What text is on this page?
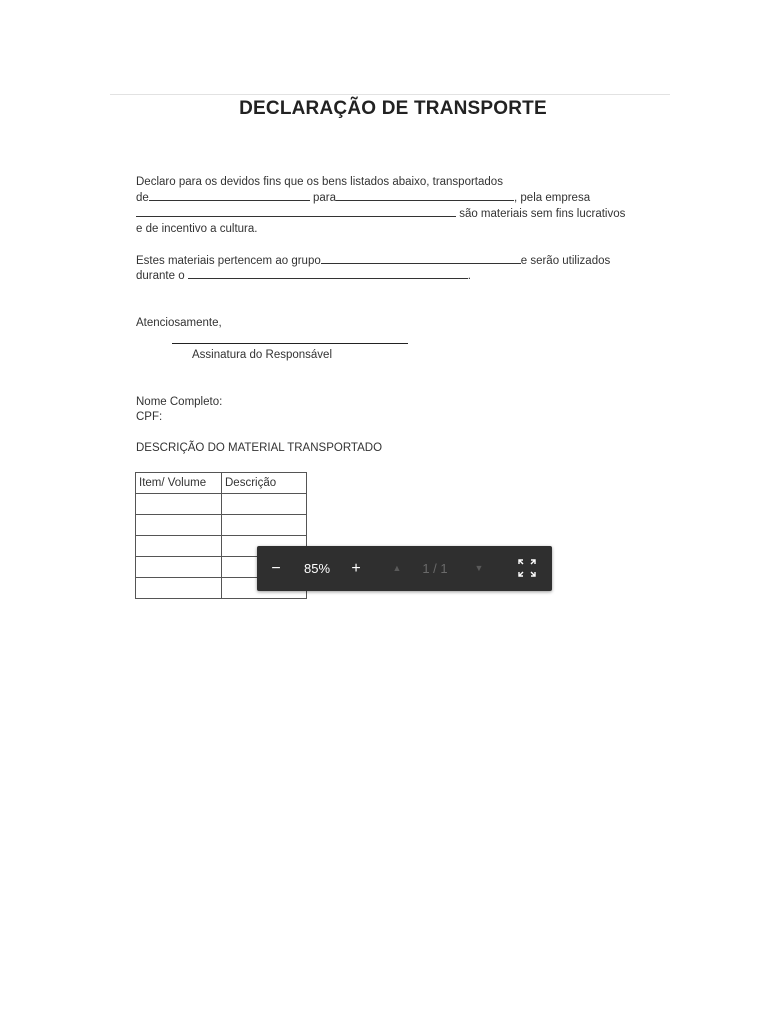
DECLARAÇÃO DE TRANSPORTE
Declaro para os devidos fins que os bens listados abaixo, transportados
de	para	, pela empresa
são materiais sem fins lucrativos
e de incentivo a cultura.
Estes materiais pertencem ao grupo	e serão utilizados
durante o	.
Atenciosamente,
Assinatura do Responsável
Nome Completo:
CPF:
DESCRIÇÃO DO MATERIAL TRANSPORTADO
Item/ Volume	Descrição

−	85%	+	▲	1 / 1	▼
